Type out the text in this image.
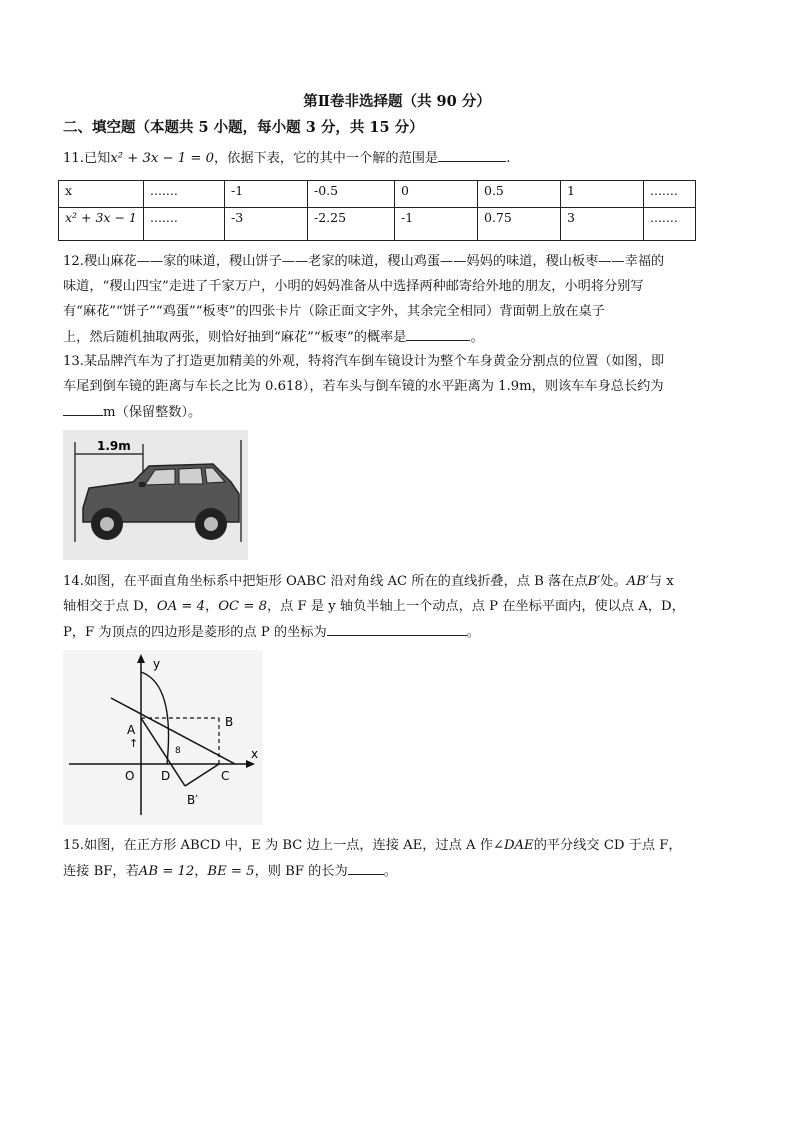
第Ⅱ卷非选择题（共 90 分）
二、填空题（本题共 5 小题，每小题 3 分，共 15 分）
11.已知x² + 3x − 1 = 0，依据下表，它的其中一个解的范围是	.
x	.......	-1	-0.5	0	0.5	1	.......
x² + 3x − 1	.......	-3	-2.25	-1	0.75	3	.......
12.稷山麻花——家的味道，稷山饼子——老家的味道，稷山鸡蛋——妈妈的味道，稷山板枣——幸福的
味道，“稷山四宝”走进了千家万户，小明的妈妈准备从中选择两种邮寄给外地的朋友，小明将分别写
有“麻花”“饼子”“鸡蛋”“板枣”的四张卡片（除正面文字外，其余完全相同）背面朝上放在桌子
上，然后随机抽取两张，则恰好抽到“麻花”“板枣”的概率是	。
13.某品牌汽车为了打造更加精美的外观，特将汽车倒车镜设计为整个车身黄金分割点的位置（如图，即
车尾到倒车镜的距离与车长之比为 0.618），若车头与倒车镜的水平距离为 1.9m，则该车车身总长约为
m（保留整数）。
1.9m
14.如图，在平面直角坐标系中把矩形 OABC 沿对角线 AC 所在的直线折叠，点 B 落在点B′处。AB′与 x
轴相交于点 D，OA = 4，OC = 8，点 F 是 y 轴负半轴上一个动点，点 P 在坐标平面内，使以点 A，D，
P，F 为顶点的四边形是菱形的点 P 的坐标为	。
y
x
B
A
↑
O D
8
C
B′
15.如图，在正方形 ABCD 中，E 为 BC 边上一点，连接 AE，过点 A 作∠DAE的平分线交 CD 于点 F，
连接 BF，若AB = 12，BE = 5，则 BF 的长为	。
